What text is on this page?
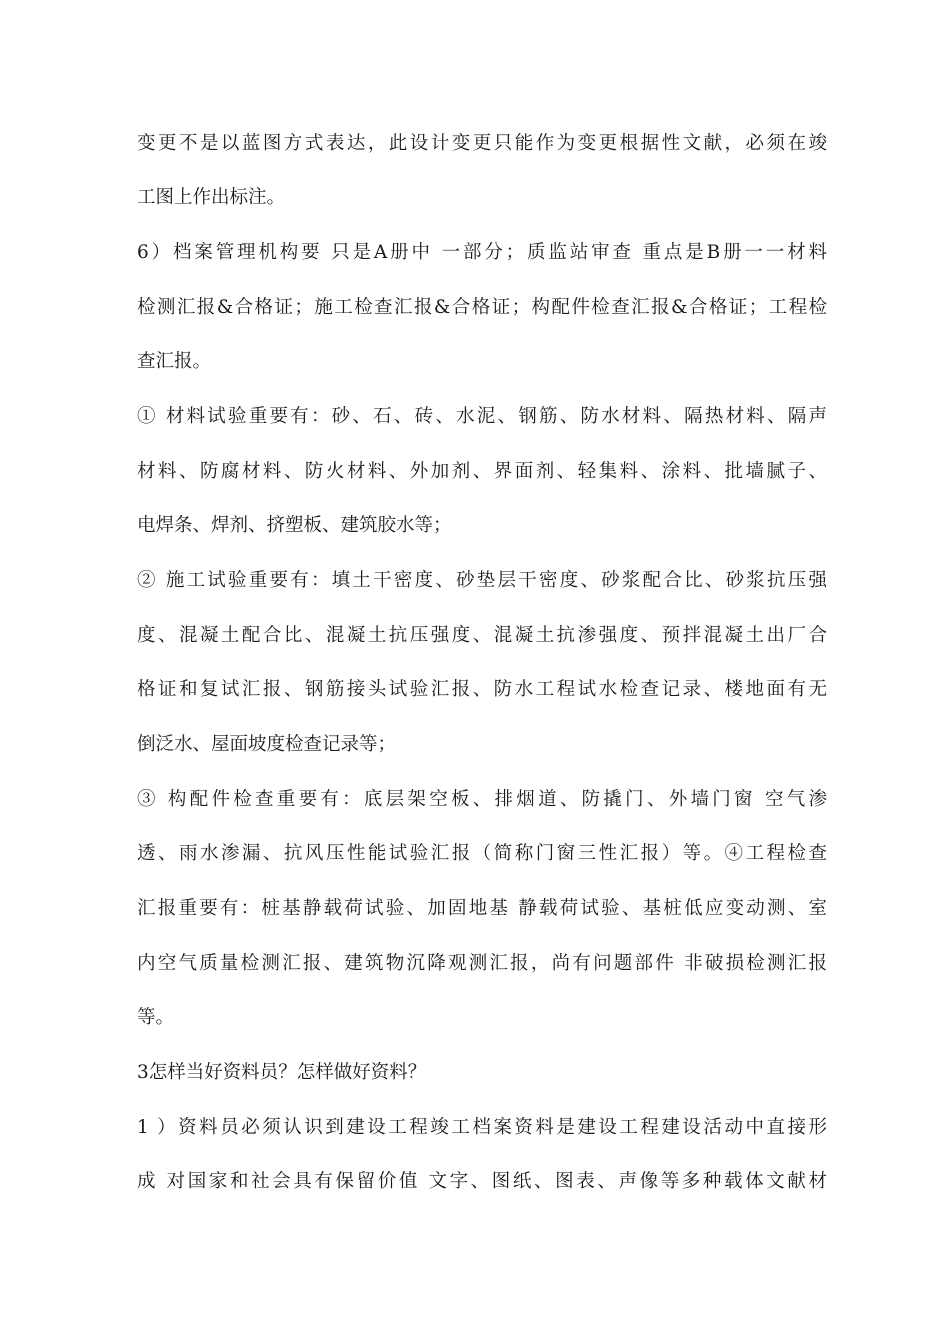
变更不是以蓝图方式表达，此设计变更只能作为变更根据性文献，必须在竣
工图上作出标注。
6）档案管理机构要 只是A册中 一部分；质监站审查 重点是B册一一材料
检测汇报&合格证；施工检查汇报&合格证；构配件检查汇报&合格证；工程检
查汇报。
① 材料试验重要有：砂、石、砖、水泥、钢筋、防水材料、隔热材料、隔声
材料、防腐材料、防火材料、外加剂、界面剂、轻集料、涂料、批墙腻子、
电焊条、焊剂、挤塑板、建筑胶水等；
② 施工试验重要有：填土干密度、砂垫层干密度、砂浆配合比、砂浆抗压强
度、混凝土配合比、混凝土抗压强度、混凝土抗渗强度、预拌混凝土出厂合
格证和复试汇报、钢筋接头试验汇报、防水工程试水检查记录、楼地面有无
倒泛水、屋面坡度检查记录等；
③ 构配件检查重要有：底层架空板、排烟道、防撬门、外墙门窗 空气渗
透、雨水渗漏、抗风压性能试验汇报（简称门窗三性汇报）等。④工程检查
汇报重要有：桩基静载荷试验、加固地基 静载荷试验、基桩低应变动测、室
内空气质量检测汇报、建筑物沉降观测汇报，尚有问题部件 非破损检测汇报
等。
3怎样当好资料员？怎样做好资料？
1 ）资料员必须认识到建设工程竣工档案资料是建设工程建设活动中直接形
成 对国家和社会具有保留价值 文字、图纸、图表、声像等多种载体文献材
